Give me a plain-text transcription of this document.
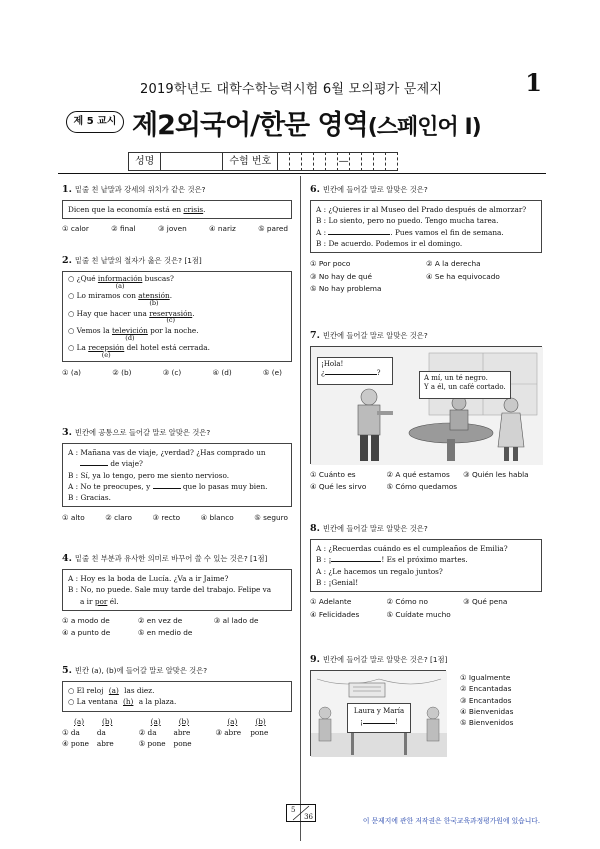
2019학년도 대학수학능력시험 6월 모의평가 문제지	1
제 5 교시 제2외국어/한문 영역(스페인어 I)
성명	수험 번호	—
1. 밑줄 친 낱말과 강세의 위치가 같은 것은?
Dicen que la economía está en crisis.
① calor	② final	③ joven	④ nariz	⑤ pared
2. 밑줄 친 낱말의 철자가 옳은 것은? [1점]
○ ¿Qué información
(a)
buscas?
○ Lo miramos con atensión
(b)
.
○ Hay que hacer una reservasión
(c)
.
○ Vemos la televición
(d)
por la noche.
○ La recepsión
(e)
del hotel está cerrada.
① (a)	② (b)	③ (c)	④ (d)	⑤ (e)
3. 빈칸에 공통으로 들어갈 말로 알맞은 것은?
A : Mañana vas de viaje, ¿verdad? ¿Has comprado un
de viaje?
B : Sí, ya lo tengo, pero me siento nervioso.
A : No te preocupes, y	que lo pasas muy bien.
B : Gracias.
① alto	② claro	③ recto	④ blanco	⑤ seguro
4. 밑줄 친 부분과 유사한 의미로 바꾸어 쓸 수 있는 것은? [1점]
A : Hoy es la boda de Lucía. ¿Va a ir Jaime?
B : No, no puede. Sale muy tarde del trabajo. Felipe va
a ir por él.
① a modo de	② en vez de	③ al lado de
④ a punto de	⑤ en medio de
5. 빈칸 (a), (b)에 들어갈 말로 알맞은 것은?
○ El reloj (a) las diez.
○ La ventana (h) a la plaza.
(a) (b)	(a) (b)	(a) (b)
① da da	② da abre	③ abre pone
④ pone abre	⑤ pone pone
6. 빈칸에 들어갈 말로 알맞은 것은?
A : ¿Quieres ir al Museo del Prado después de almorzar?
B : Lo siento, pero no puedo. Tengo mucha tarea.
A :	. Pues vamos el fin de semana.
B : De acuerdo. Podemos ir el domingo.
① Por poco	② A la derecha
③ No hay de qué	④ Se ha equivocado
⑤ No hay problema
7. 빈칸에 들어갈 말로 알맞은 것은?
¡Hola!
¿	?
A mí, un té negro.
Y a él, un café cortado.
① Cuánto es	② A qué estamos	③ Quién les habla
④ Qué les sirvo	⑤ Cómo quedamos
8. 빈칸에 들어갈 말로 알맞은 것은?
A : ¿Recuerdas cuándo es el cumpleaños de Emilia?
B : ¡	! Es el próximo martes.
A : ¿Le hacemos un regalo juntos?
B : ¡Genial!
① Adelante	② Cómo no	③ Qué pena
④ Felicidades	⑤ Cuídate mucho
9. 빈칸에 들어갈 말로 알맞은 것은? [1점]
Laura y María
¡	!
① Igualmente
② Encantadas
③ Encantados
④ Bienvenidas
⑤ Bienvenidos
5
36	이 문제지에 관한 저작권은 한국교육과정평가원에 있습니다.
